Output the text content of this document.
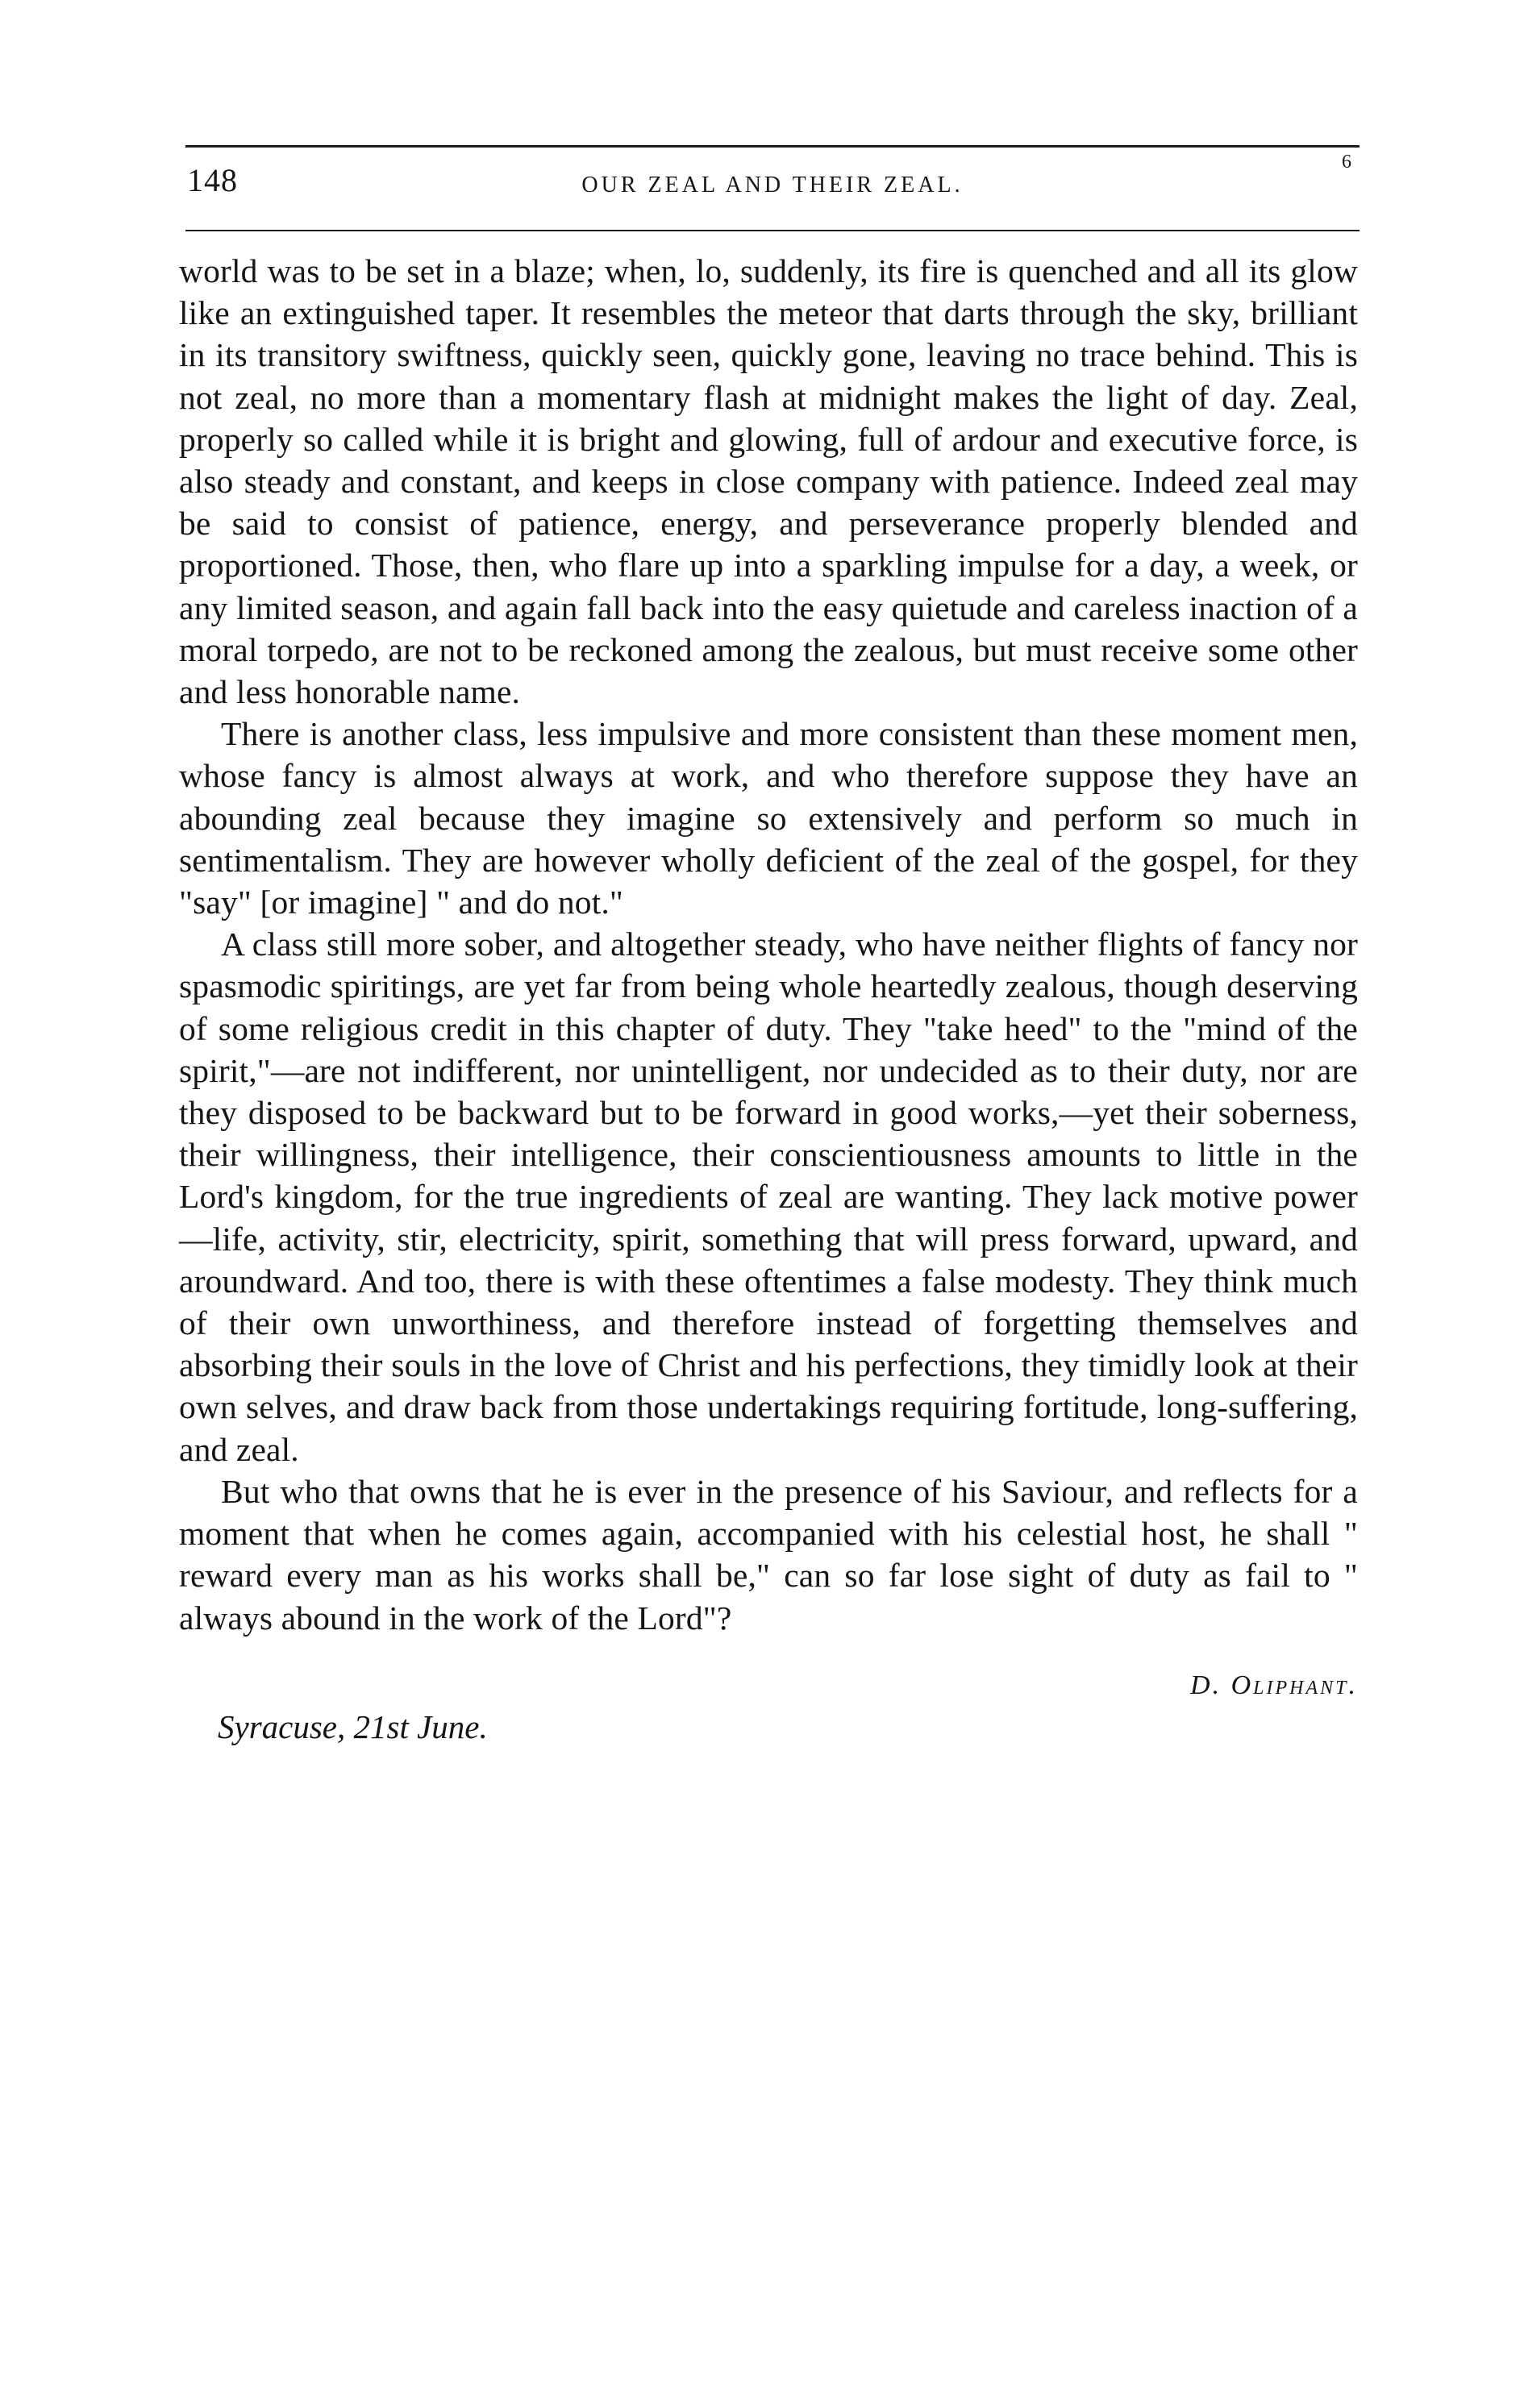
148	OUR ZEAL AND THEIR ZEAL.
6

world was to be set in a blaze; when, lo, suddenly, its fire is quenched and all its glow like an extinguished taper. It resembles the meteor that darts through the sky, brilliant in its transitory swiftness, quickly seen, quickly gone, leaving no trace behind. This is not zeal, no more than a momentary flash at midnight makes the light of day. Zeal, properly so called while it is bright and glowing, full of ardour and executive force, is also steady and constant, and keeps in close company with patience. Indeed zeal may be said to consist of patience, energy, and perseverance properly blended and proportioned. Those, then, who flare up into a sparkling impulse for a day, a week, or any limited season, and again fall back into the easy quietude and careless inaction of a moral torpedo, are not to be reckoned among the zealous, but must receive some other and less honorable name.

There is another class, less impulsive and more consistent than these moment men, whose fancy is almost always at work, and who therefore suppose they have an abounding zeal because they imagine so extensively and perform so much in sentimentalism. They are however wholly deficient of the zeal of the gospel, for they "say" [or imagine] " and do not."

A class still more sober, and altogether steady, who have neither flights of fancy nor spasmodic spiritings, are yet far from being whole heartedly zealous, though deserving of some religious credit in this chapter of duty. They "take heed" to the "mind of the spirit,"—are not indifferent, nor unintelligent, nor undecided as to their duty, nor are they disposed to be backward but to be forward in good works,—yet their soberness, their willingness, their intelligence, their conscientiousness amounts to little in the Lord's kingdom, for the true ingredients of zeal are wanting. They lack motive power—life, activity, stir, electricity, spirit, something that will press forward, upward, and aroundward. And too, there is with these oftentimes a false modesty. They think much of their own unworthiness, and therefore instead of forgetting themselves and absorbing their souls in the love of Christ and his perfections, they timidly look at their own selves, and draw back from those undertakings requiring fortitude, long-suffering, and zeal.

But who that owns that he is ever in the presence of his Saviour, and reflects for a moment that when he comes again, accompanied with his celestial host, he shall " reward every man as his works shall be," can so far lose sight of duty as fail to " always abound in the work of the Lord"?

D. Oliphant.
Syracuse, 21st June.
